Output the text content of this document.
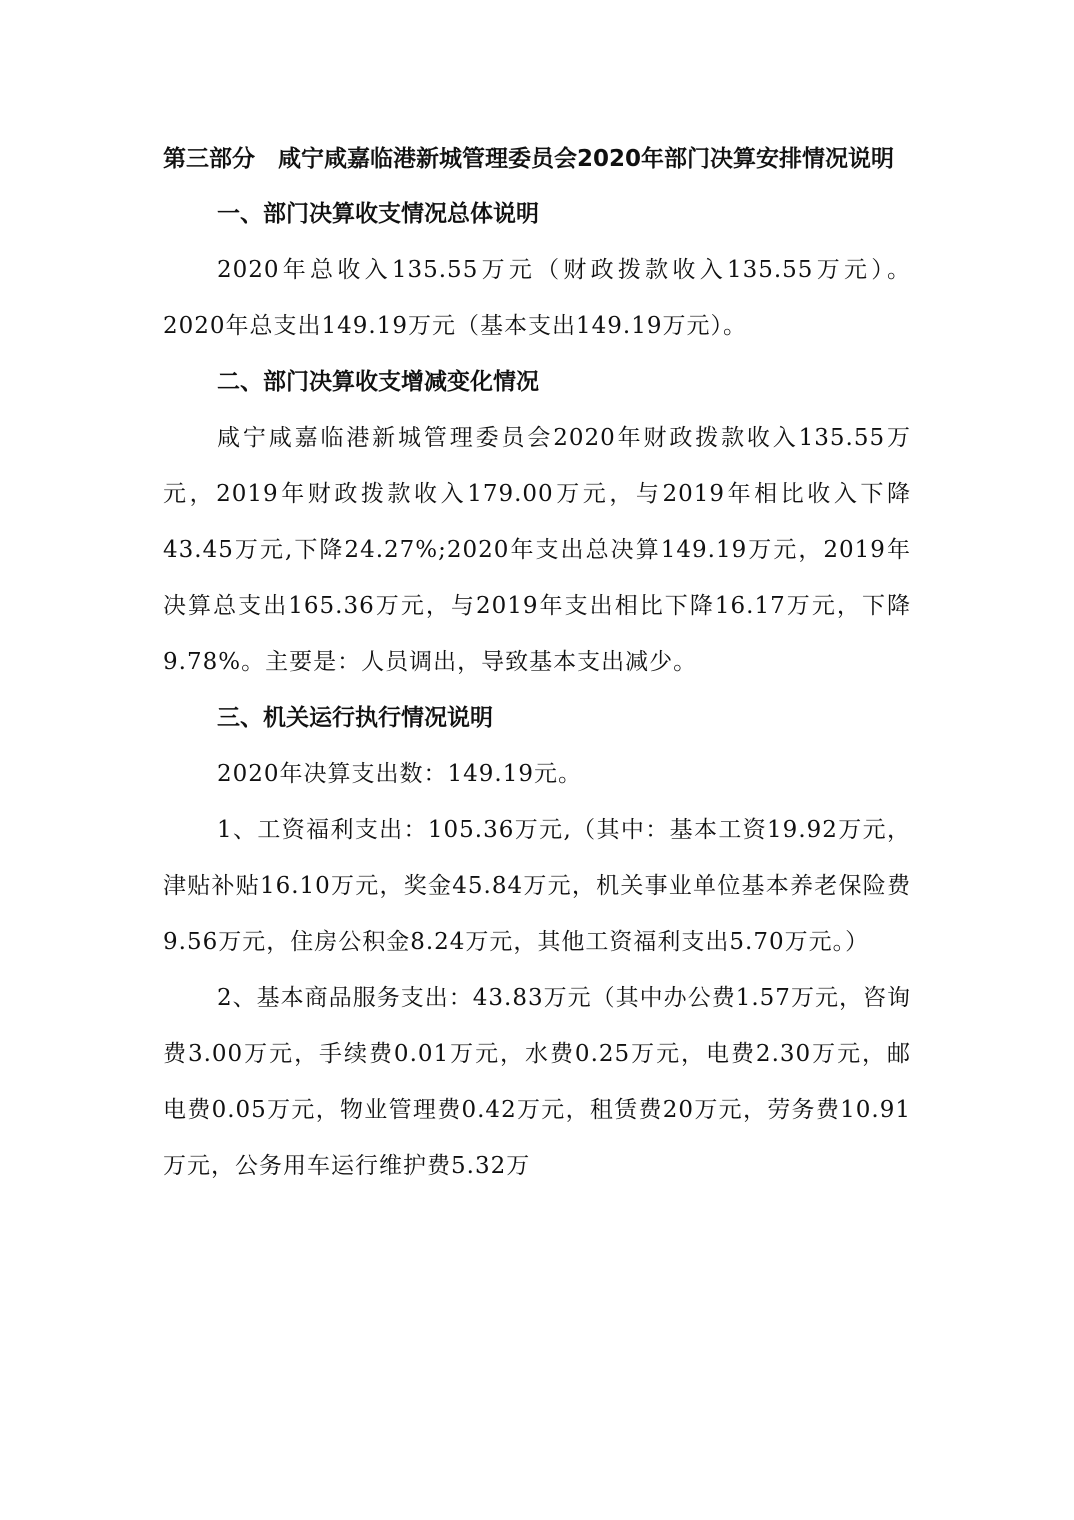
第三部分　咸宁咸嘉临港新城管理委员会2020年部门决算安排情况说明

一、部门决算收支情况总体说明

2020年总收入135.55万元（财政拨款收入135.55万元）。2020年总支出149.19万元（基本支出149.19万元）。

二、部门决算收支增减变化情况

咸宁咸嘉临港新城管理委员会2020年财政拨款收入135.55万元，2019年财政拨款收入179.00万元，与2019年相比收入下降43.45万元,下降24.27%;2020年支出总决算149.19万元，2019年决算总支出165.36万元，与2019年支出相比下降16.17万元，下降9.78%。主要是：人员调出，导致基本支出减少。

三、机关运行执行情况说明

2020年决算支出数：149.19元。

1、工资福利支出：105.36万元,（其中：基本工资19.92万元，津贴补贴16.10万元，奖金45.84万元，机关事业单位基本养老保险费9.56万元，住房公积金8.24万元，其他工资福利支出5.70万元。）

2、基本商品服务支出：43.83万元（其中办公费1.57万元，咨询费3.00万元，手续费0.01万元，水费0.25万元，电费2.30万元，邮电费0.05万元，物业管理费0.42万元，租赁费20万元，劳务费10.91万元，公务用车运行维护费5.32万
